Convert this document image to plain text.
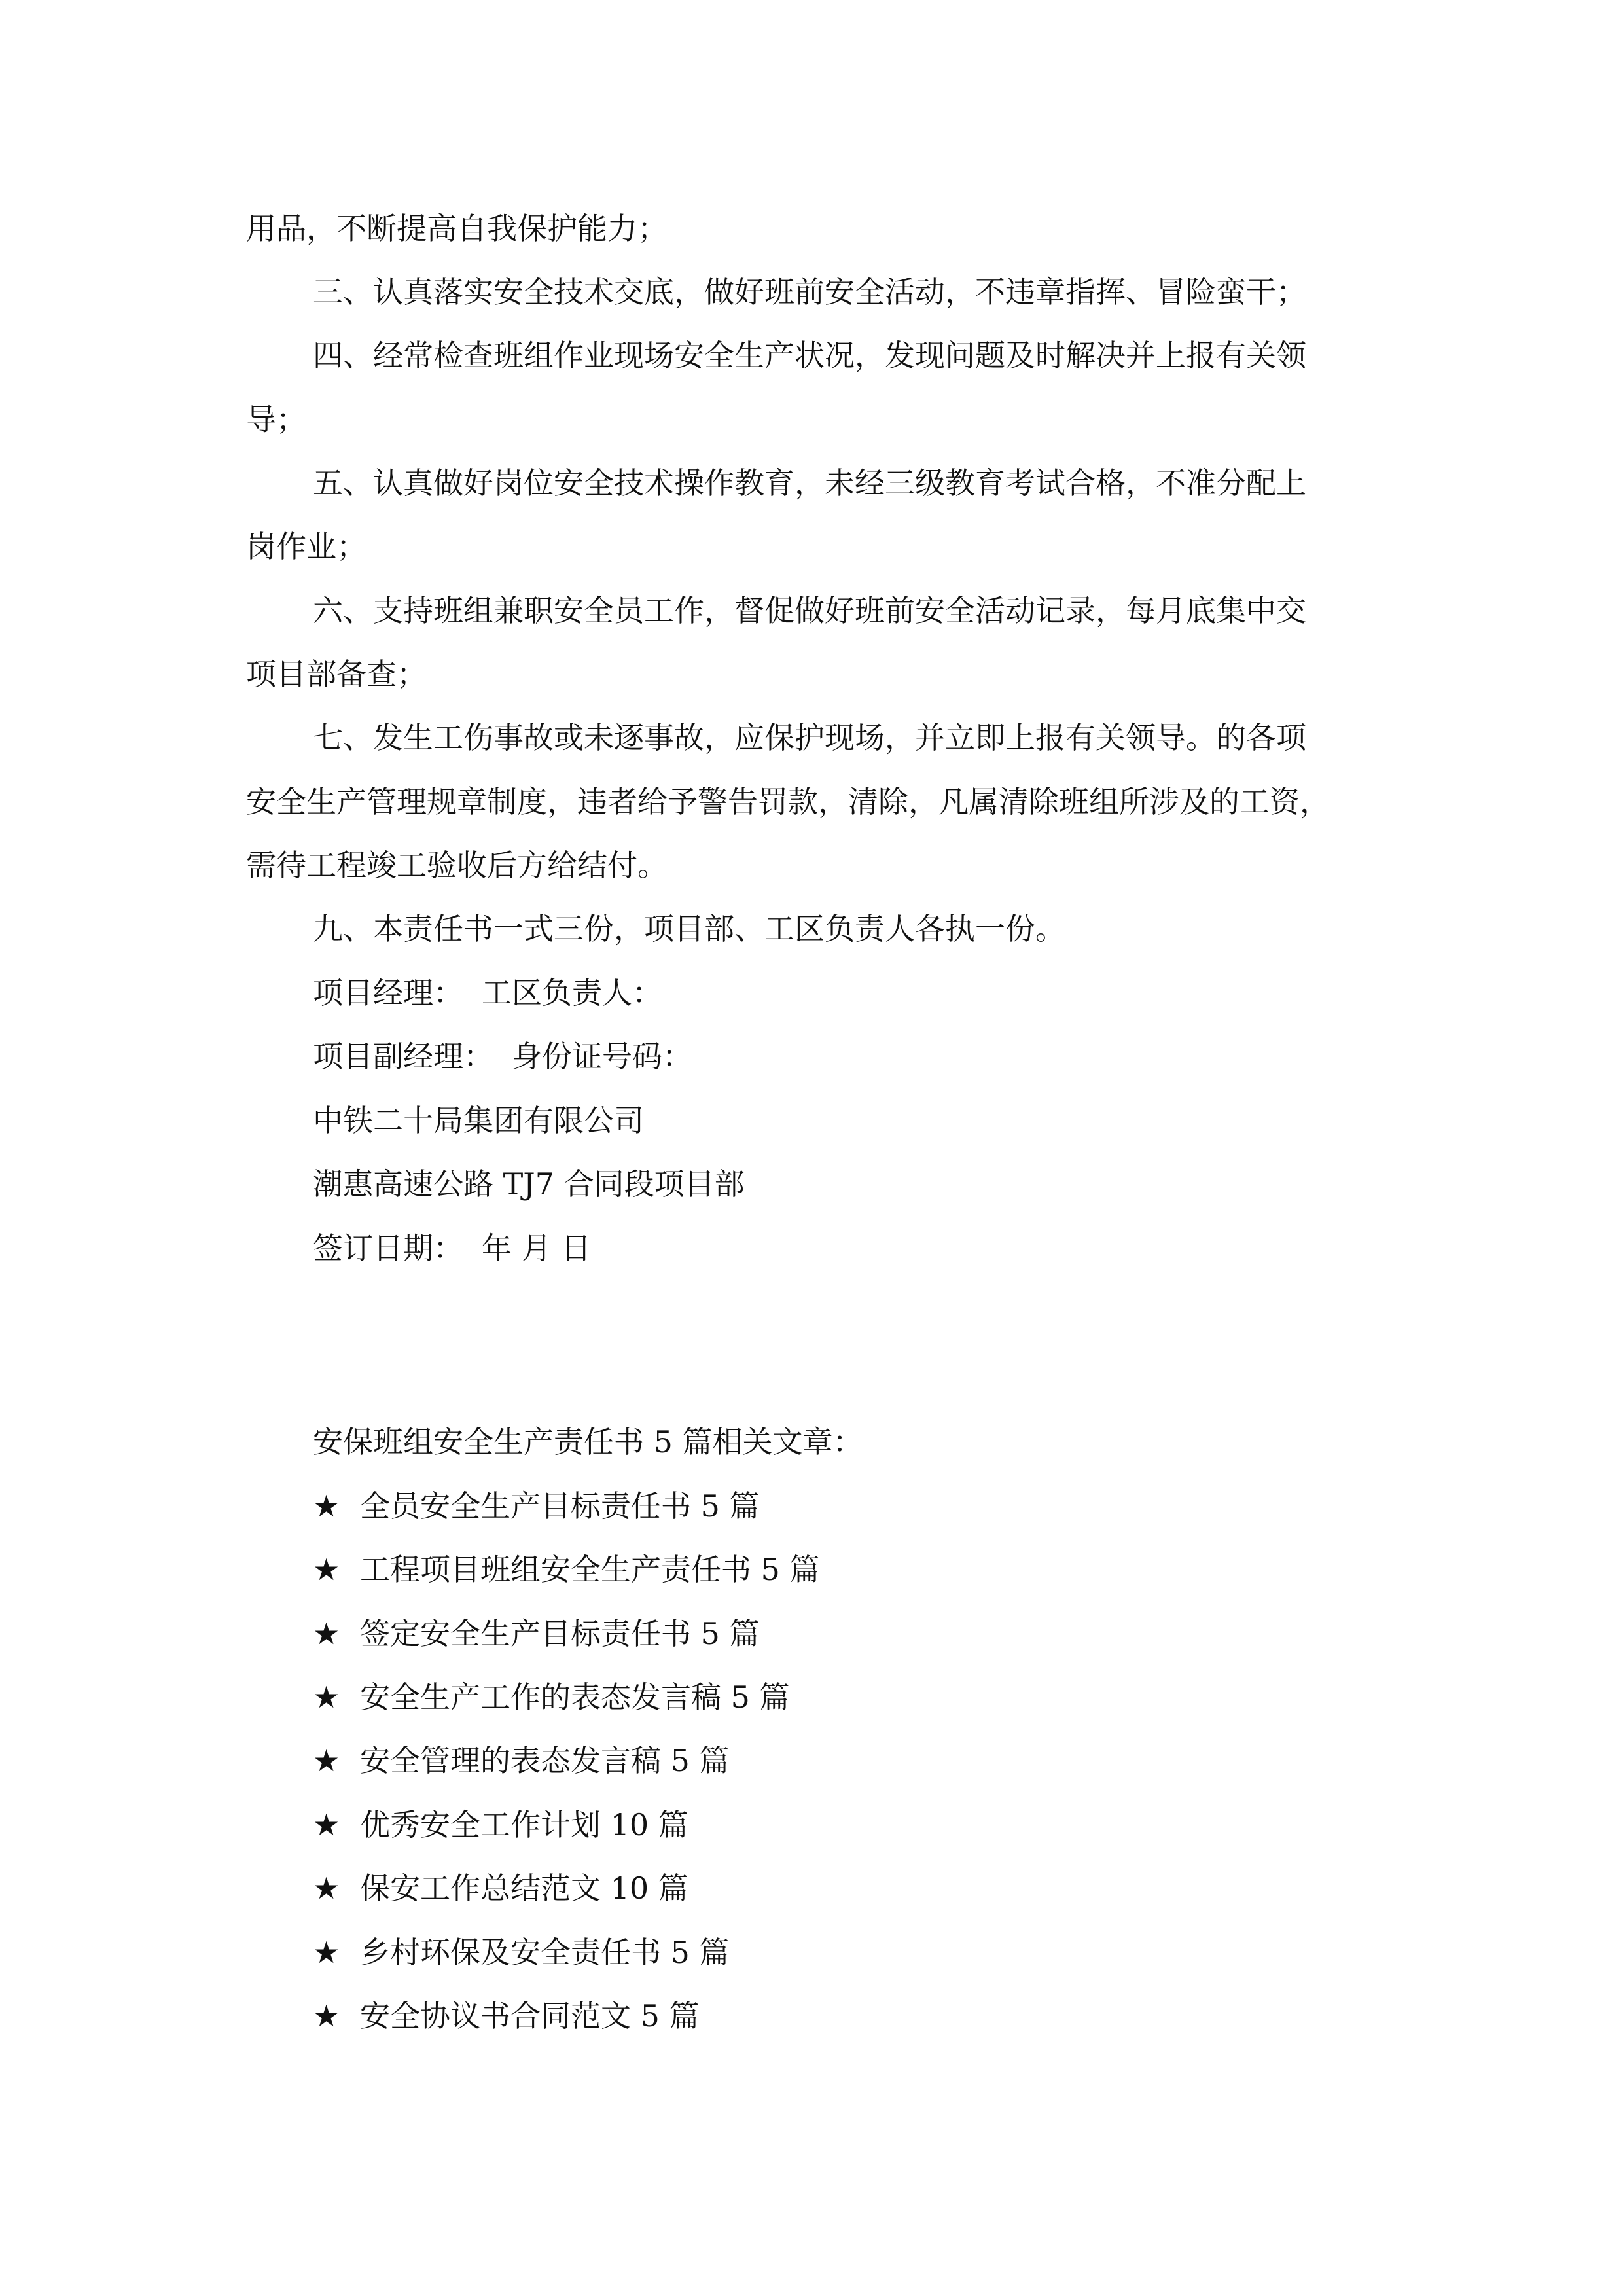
用品，不断提高自我保护能力；
三、认真落实安全技术交底，做好班前安全活动，不违章指挥、冒险蛮干；
四、经常检查班组作业现场安全生产状况，发现问题及时解决并上报有关领
导；
五、认真做好岗位安全技术操作教育，未经三级教育考试合格，不准分配上
岗作业；
六、支持班组兼职安全员工作，督促做好班前安全活动记录，每月底集中交
项目部备查；
七、发生工伤事故或未逐事故，应保护现场，并立即上报有关领导。的各项
安全生产管理规章制度，违者给予警告罚款，清除，凡属清除班组所涉及的工资，
需待工程竣工验收后方给结付。
九、本责任书一式三份，项目部、工区负责人各执一份。
项目经理： 工区负责人：
项目副经理： 身份证号码：
中铁二十局集团有限公司
潮惠高速公路 TJ7 合同段项目部
签订日期： 年 月 日
安保班组安全生产责任书 5 篇相关文章：
★ 全员安全生产目标责任书 5 篇
★ 工程项目班组安全生产责任书 5 篇
★ 签定安全生产目标责任书 5 篇
★ 安全生产工作的表态发言稿 5 篇
★ 安全管理的表态发言稿 5 篇
★ 优秀安全工作计划 10 篇
★ 保安工作总结范文 10 篇
★ 乡村环保及安全责任书 5 篇
★ 安全协议书合同范文 5 篇
